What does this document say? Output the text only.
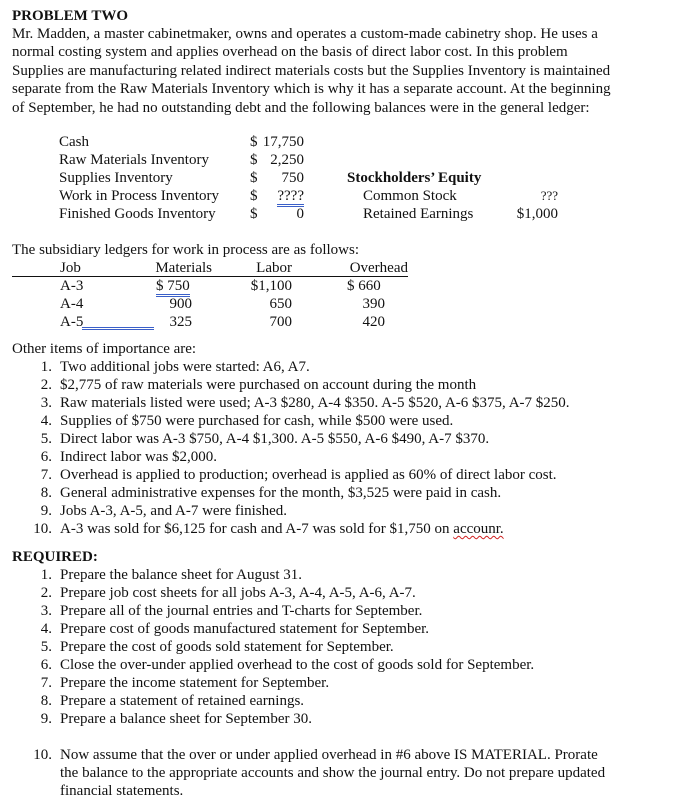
PROBLEM TWO
Mr. Madden, a master cabinetmaker, owns and operates a custom-made cabinetry shop. He uses a
normal costing system and applies overhead on the basis of direct labor cost. In this problem
Supplies are manufacturing related indirect materials costs but the Supplies Inventory is maintained
separate from the Raw Materials Inventory which is why it has a separate account. At the beginning
of September, he had no outstanding debt and the following balances were in the general ledger:
Cash	$ 17,750
Raw Materials Inventory	$ 2,250
Supplies Inventory	$	750
Work in Process Inventory $	????
Finished Goods Inventory $	0
Stockholders’ Equity
Common Stock	???
Retained Earnings	$1,000
The subsidiary ledgers for work in process are as follows:
Job	Materials	Labor	Overhead
A-3	$ 750	$1,100	$ 660
A-4	900	650	390
A-5	325	700	420
Other items of importance are:
1. Two additional jobs were started: A6, A7.
2. $2,775 of raw materials were purchased on account during the month
3. Raw materials listed were used; A-3 $280, A-4 $350. A-5 $520, A-6 $375, A-7 $250.
4. Supplies of $750 were purchased for cash, while $500 were used.
5. Direct labor was A-3 $750, A-4 $1,300. A-5 $550, A-6 $490, A-7 $370.
6. Indirect labor was $2,000.
7. Overhead is applied to production; overhead is applied as 60% of direct labor cost.
8. General administrative expenses for the month, $3,525 were paid in cash.
9. Jobs A-3, A-5, and A-7 were finished.
10. A-3 was sold for $6,125 for cash and A-7 was sold for $1,750 on accounr.
REQUIRED:
1. Prepare the balance sheet for August 31.
2. Prepare job cost sheets for all jobs A-3, A-4, A-5, A-6, A-7.
3. Prepare all of the journal entries and T-charts for September.
4. Prepare cost of goods manufactured statement for September.
5. Prepare the cost of goods sold statement for September.
6. Close the over-under applied overhead to the cost of goods sold for September.
7. Prepare the income statement for September.
8. Prepare a statement of retained earnings.
9. Prepare a balance sheet for September 30.
10. Now assume that the over or under applied overhead in #6 above IS MATERIAL. Prorate
the balance to the appropriate accounts and show the journal entry. Do not prepare updated
financial statements.
